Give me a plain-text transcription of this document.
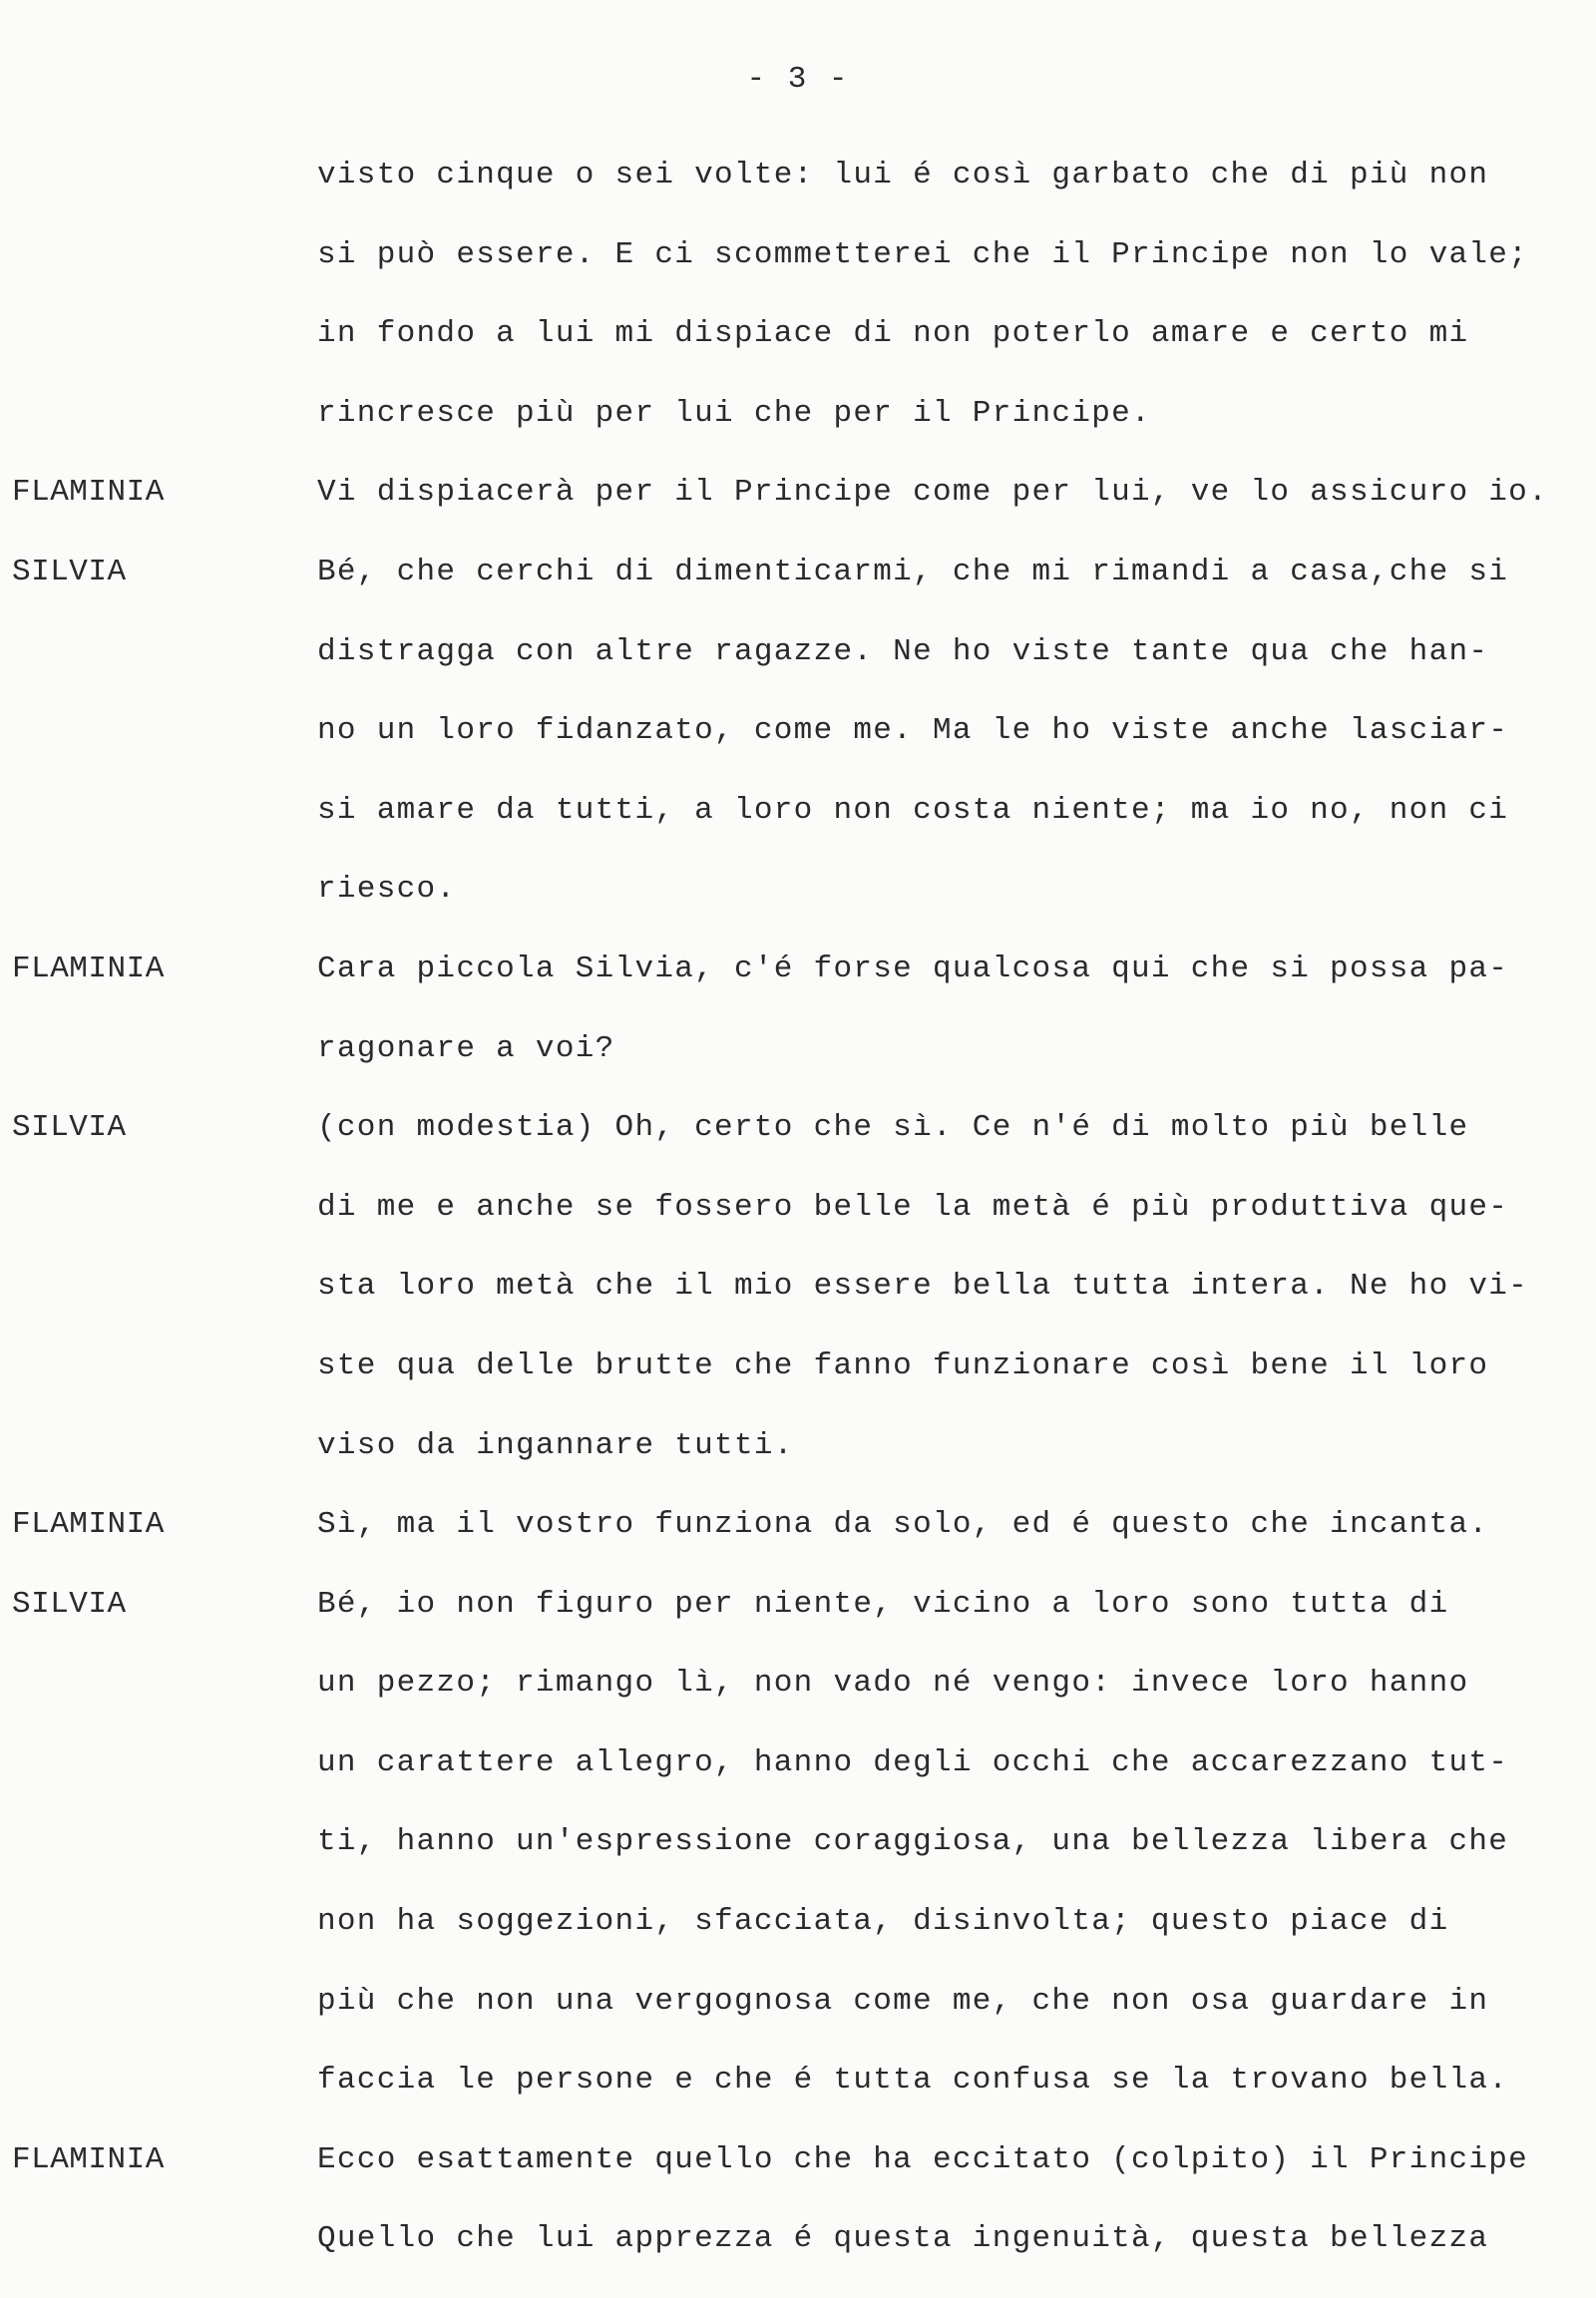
- 3 -
visto cinque o sei volte: lui é così garbato che di più non
si può essere. E ci scommetterei che il Principe non lo vale;
in fondo a lui mi dispiace di non poterlo amare e certo mi
rincresce più per lui che per il Principe.
FLAMINIA	Vi dispiacerà per il Principe come per lui, ve lo assicuro io.
SILVIA	Bé, che cerchi di dimenticarmi, che mi rimandi a casa,che si
distragga con altre ragazze. Ne ho viste tante qua che han-
no un loro fidanzato, come me. Ma le ho viste anche lasciar-
si amare da tutti, a loro non costa niente; ma io no, non ci
riesco.
FLAMINIA	Cara piccola Silvia, c'é forse qualcosa qui che si possa pa-
ragonare a voi?
SILVIA	(con modestia) Oh, certo che sì. Ce n'é di molto più belle
di me e anche se fossero belle la metà é più produttiva que-
sta loro metà che il mio essere bella tutta intera. Ne ho vi-
ste qua delle brutte che fanno funzionare così bene il loro
viso da ingannare tutti.
FLAMINIA	Sì, ma il vostro funziona da solo, ed é questo che incanta.
SILVIA	Bé, io non figuro per niente, vicino a loro sono tutta di
un pezzo; rimango lì, non vado né vengo: invece loro hanno
un carattere allegro, hanno degli occhi che accarezzano tut-
ti, hanno un'espressione coraggiosa, una bellezza libera che
non ha soggezioni, sfacciata, disinvolta; questo piace di
più che non una vergognosa come me, che non osa guardare in
faccia le persone e che é tutta confusa se la trovano bella.
FLAMINIA	Ecco esattamente quello che ha eccitato (colpito) il Principe
Quello che lui apprezza é questa ingenuità, questa bellezza
